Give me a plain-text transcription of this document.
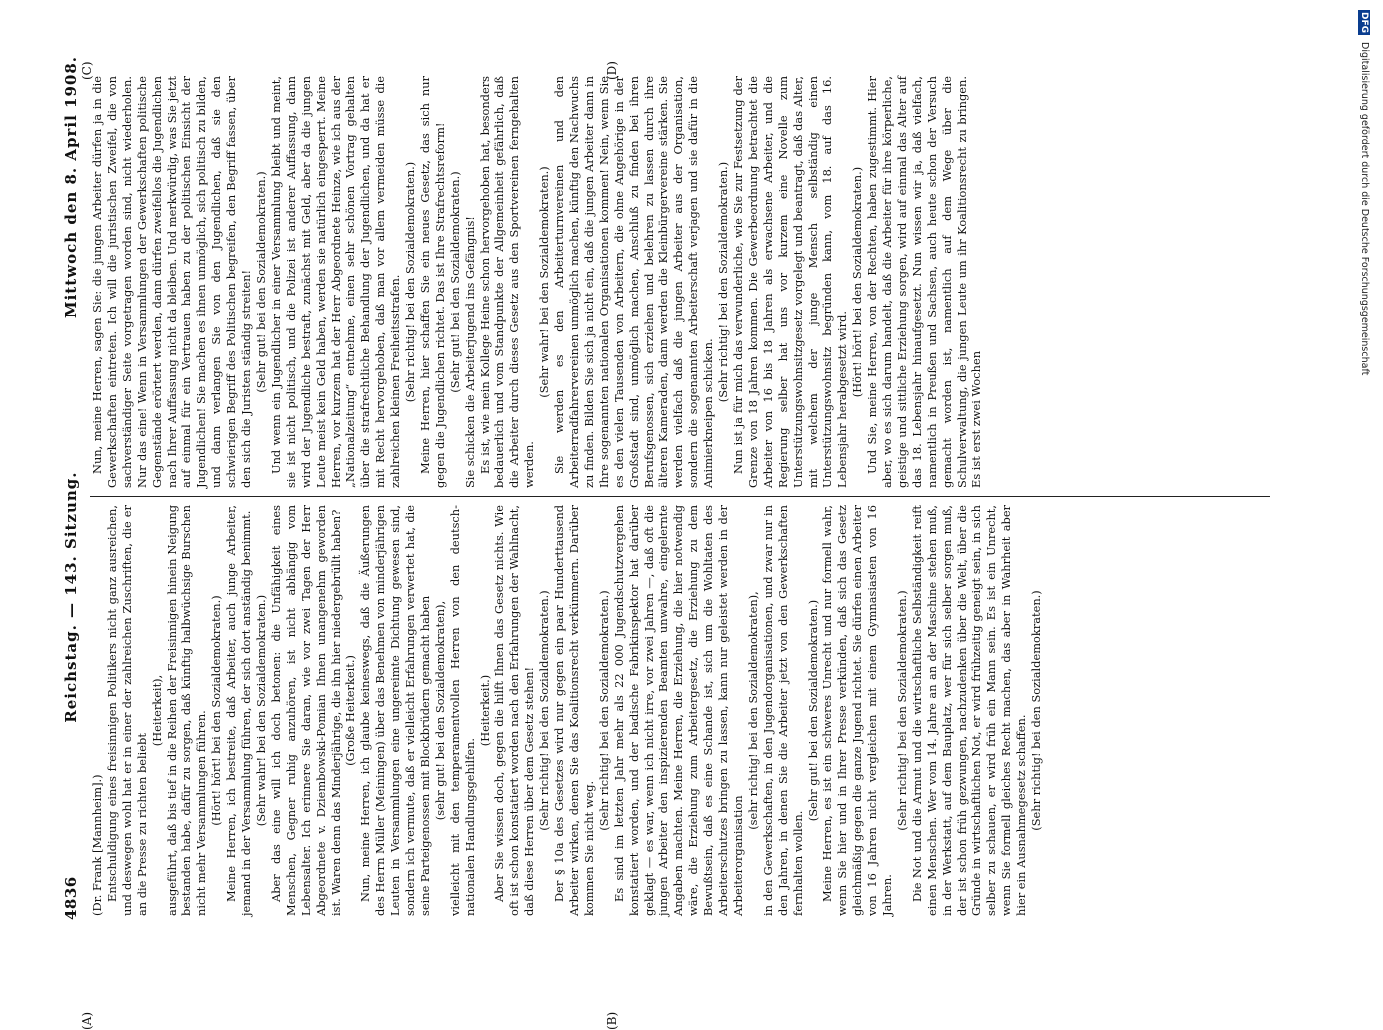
4836
Reichstag. — 143. Sitzung.
Mittwoch den 8. April 1908.

(Dr. Frank [Mannheim].) Entschuldigung eines freisinnigen Politikers nicht ganz ausreichen, und deswegen wohl hat er in einer der zahlreichen Zuschriften, die er an die Presse zu richten beliebt

(Heiterkeit), ausgeführt, daß bis tief in die Reihen der Freisinnigen hinein Neigung bestanden habe, dafür zu sorgen, daß künftig halbwüchsige Burschen nicht mehr Versammlungen führen. (Hört! hört! bei den Sozialdemokraten.) Meine Herren, ich bestreite, daß Arbeiter, auch junge Arbeiter, jemand in der Versammlung führen, der sich dort anständig benimmt. (Sehr wahr! bei den Sozialdemokraten.) Aber das eine will ich doch betonen: die Unfähigkeit eines Menschen, Gegner ruhig anzuhören, ist nicht abhängig vom Lebensalter. Ich erinnere Sie daran, wie vor zwei Tagen der Herr Abgeordnete v. Dziembowski-Pomian Ihnen unangenehm geworden ist. Waren denn das Minderjährige, die ihn hier niedergebrüllt haben? (Große Heiterkeit.) Nun, meine Herren, ich glaube keineswegs, daß die Äußerungen des Herrn Müller (Meiningen) über das Benehmen von minderjährigen Leuten in Versammlungen eine ungereimte Dichtung gewesen sind, sondern ich vermute, daß er vielleicht Erfahrungen verwertet hat, die seine Parteigenossen mit Blockbrüdern gemacht haben (sehr gut! bei den Sozialdemokraten), vielleicht mit den temperamentvollen Herren von den deutsch-nationalen Handlungsgehilfen.

(Heiterkeit.) Aber Sie wissen doch, gegen die hilft Ihnen das Gesetz nichts. Wie oft ist schon konstatiert worden nach den Erfahrungen der Wahlnacht, daß diese Herren über dem Gesetz stehen! (Sehr richtig! bei den Sozialdemokraten.) Der § 10a des Gesetzes wird nur gegen ein paar Hunderttausend Arbeiter wirken, denen Sie das Koalitionsrecht verkümmern. Darüber kommen Sie nicht weg.

(Sehr richtig! bei den Sozialdemokraten.) Es sind im letzten Jahr mehr als 22 000 Jugendschutzvergehen konstatiert worden, und der badische Fabrikinspektor hat darüber geklagt — es war, wenn ich nicht irre, vor zwei Jahren —, daß oft die jungen Arbeiter den inspizierenden Beamten unwahre, eingelernte Angaben machten. Meine Herren, die Erziehung, die hier notwendig wäre, die Erziehung zum Arbeitergesetz, die Erziehung zu dem Bewußtsein, daß es eine Schande ist, sich um die Wohltaten des Arbeiterschutzes bringen zu lassen, kann nur geleistet werden in der Arbeiterorganisation

(sehr richtig! bei den Sozialdemokraten), in den Gewerkschaften, in den Jugendorganisationen, und zwar nur in den Jahren, in denen Sie die Arbeiter jetzt von den Gewerkschaften fernhalten wollen.

(Sehr gut! bei den Sozialdemokraten.) Meine Herren, es ist ein schweres Unrecht und nur formell wahr, wenn Sie hier und in Ihrer Presse verkünden, daß sich das Gesetz gleichmäßig gegen die ganze Jugend richtet. Sie dürfen einen Arbeiter von 16 Jahren nicht vergleichen mit einem Gymnasiasten von 16 Jahren.

(Sehr richtig! bei den Sozialdemokraten.) Die Not und die Armut und die wirtschaftliche Selbständigkeit reift einen Menschen. Wer vom 14. Jahre an an der Maschine stehen muß, in der Werkstatt, auf dem Bauplatz, wer für sich selber sorgen muß, der ist schon früh gezwungen, nachzudenken über die Welt, über die Gründe in wirtschaftlichen Not, er wird frühzeitig geneigt sein, in sich selber zu schauen, er wird früh ein Mann sein. Es ist ein Unrecht, wenn Sie formell gleiches Recht machen, das aber in Wahrheit aber hier ein Ausnahmegesetz schaffen. (Sehr richtig! bei den Sozialdemokraten.)

Nun, meine Herren, sagen Sie: die jungen Arbeiter dürfen ja in die Gewerkschaften eintreten. Ich will die juristischen Zweifel, die von sachverständiger Seite vorgetragen worden sind, nicht wiederholen. Nur das eine! Wenn in Versammlungen der Gewerkschaften politische Gegenstände erörtert werden, dann dürfen zweifellos die Jugendlichen nach Ihrer Auffassung nicht da bleiben. Und merkwürdig, was Sie jetzt auf einmal für ein Vertrauen haben zu der politischen Einsicht der Jugendlichen! Sie machen es ihnen unmöglich, sich politisch zu bilden, und dann verlangen Sie von den Jugendlichen, daß sie den schwierigen Begriff des Politischen begreifen, den Begriff fassen, über den sich die Juristen ständig streiten! (Sehr gut! bei den Sozialdemokraten.) Und wenn ein Jugendlicher in einer Versammlung bleibt und meint, sie ist nicht politisch, und die Polizei ist anderer Auffassung, dann wird der Jugendliche bestraft, zunächst mit Geld, aber da die jungen Leute meist kein Geld haben, werden sie natürlich eingesperrt. Meine Herren, vor kurzem hat der Herr Abgeordnete Heinze, wie ich aus der „Nationalzeitung“ entnehme, einen sehr schönen Vortrag gehalten über die strafrechtliche Behandlung der Jugendlichen, und da hat er mit Recht hervorgehoben, daß man vor allem vermeiden müsse die zahlreichen kleinen Freiheitsstrafen. (Sehr richtig! bei den Sozialdemokraten.) Meine Herren, hier schaffen Sie ein neues Gesetz, das sich nur gegen die Jugendlichen richtet. Das ist Ihre Strafrechtsreform! (Sehr gut! bei den Sozialdemokraten.) Sie schicken die Arbeiterjugend ins Gefängnis! Es ist, wie mein Kollege Heine schon hervorgehoben hat, besonders bedauerlich und vom Standpunkte der Allgemeinheit gefährlich, daß die Arbeiter durch dieses Gesetz aus den Sportvereinen ferngehalten werden.

(Sehr wahr! bei den Sozialdemokraten.) Sie werden es den Arbeiterturnvereinen und den Arbeiterradfahrervereinen unmöglich machen, künftig den Nachwuchs zu finden. Bilden Sie sich ja nicht ein, daß die jungen Arbeiter dann in Ihre sogenannten nationalen Organisationen kommen! Nein, wenn Sie es den vielen Tausenden von Arbeitern, die ohne Angehörige in der Großstadt sind, unmöglich machen, Anschluß zu finden bei ihren Berufsgenossen, sich erziehen und belehren zu lassen durch ihre älteren Kameraden, dann werden die Kleinbürgervereine stärken. Sie werden vielfach daß die jungen Arbeiter aus der Organisation, sondern die sogenannten Arbeiterschaft verjagen und sie dafür in die Animierkneipen schicken.

(Sehr richtig! bei den Sozialdemokraten.) Nun ist ja für mich das verwunderliche, wie Sie zur Festsetzung der Grenze von 18 Jahren kommen. Die Gewerbeordnung betrachtet die Arbeiter von 16 bis 18 Jahren als erwachsene Arbeiter, und die Regierung selber hat uns vor kurzem eine Novelle zum Unterstützungswohnsitzgesetz vorgelegt und beantragt, daß das Alter, mit welchem der junge Mensch selbständig einen Unterstützungswohnsitz begründen kann, vom 18. auf das 16. Lebensjahr herabgesetzt wird.

(Hört! hört! bei den Sozialdemokraten.) Und Sie, meine Herren, von der Rechten, haben zugestimmt. Hier aber, wo es sich darum handelt, daß die Arbeiter für ihre körperliche, geistige und sittliche Erziehung sorgen, wird auf einmal das Alter auf das 18. Lebensjahr hinaufgesetzt. Nun wissen wir ja, daß vielfach, namentlich in Preußen und Sachsen, auch heute schon der Versuch gemacht worden ist, namentlich auf dem Wege über die Schulverwaltung, die jungen Leute um ihr Koalitionsrecht zu bringen. Es ist erst zwei Wochen

(A)	(B)
(C)	(D)
DFG Digitalisierung gefördert durch die Deutsche Forschungsgemeinschaft
